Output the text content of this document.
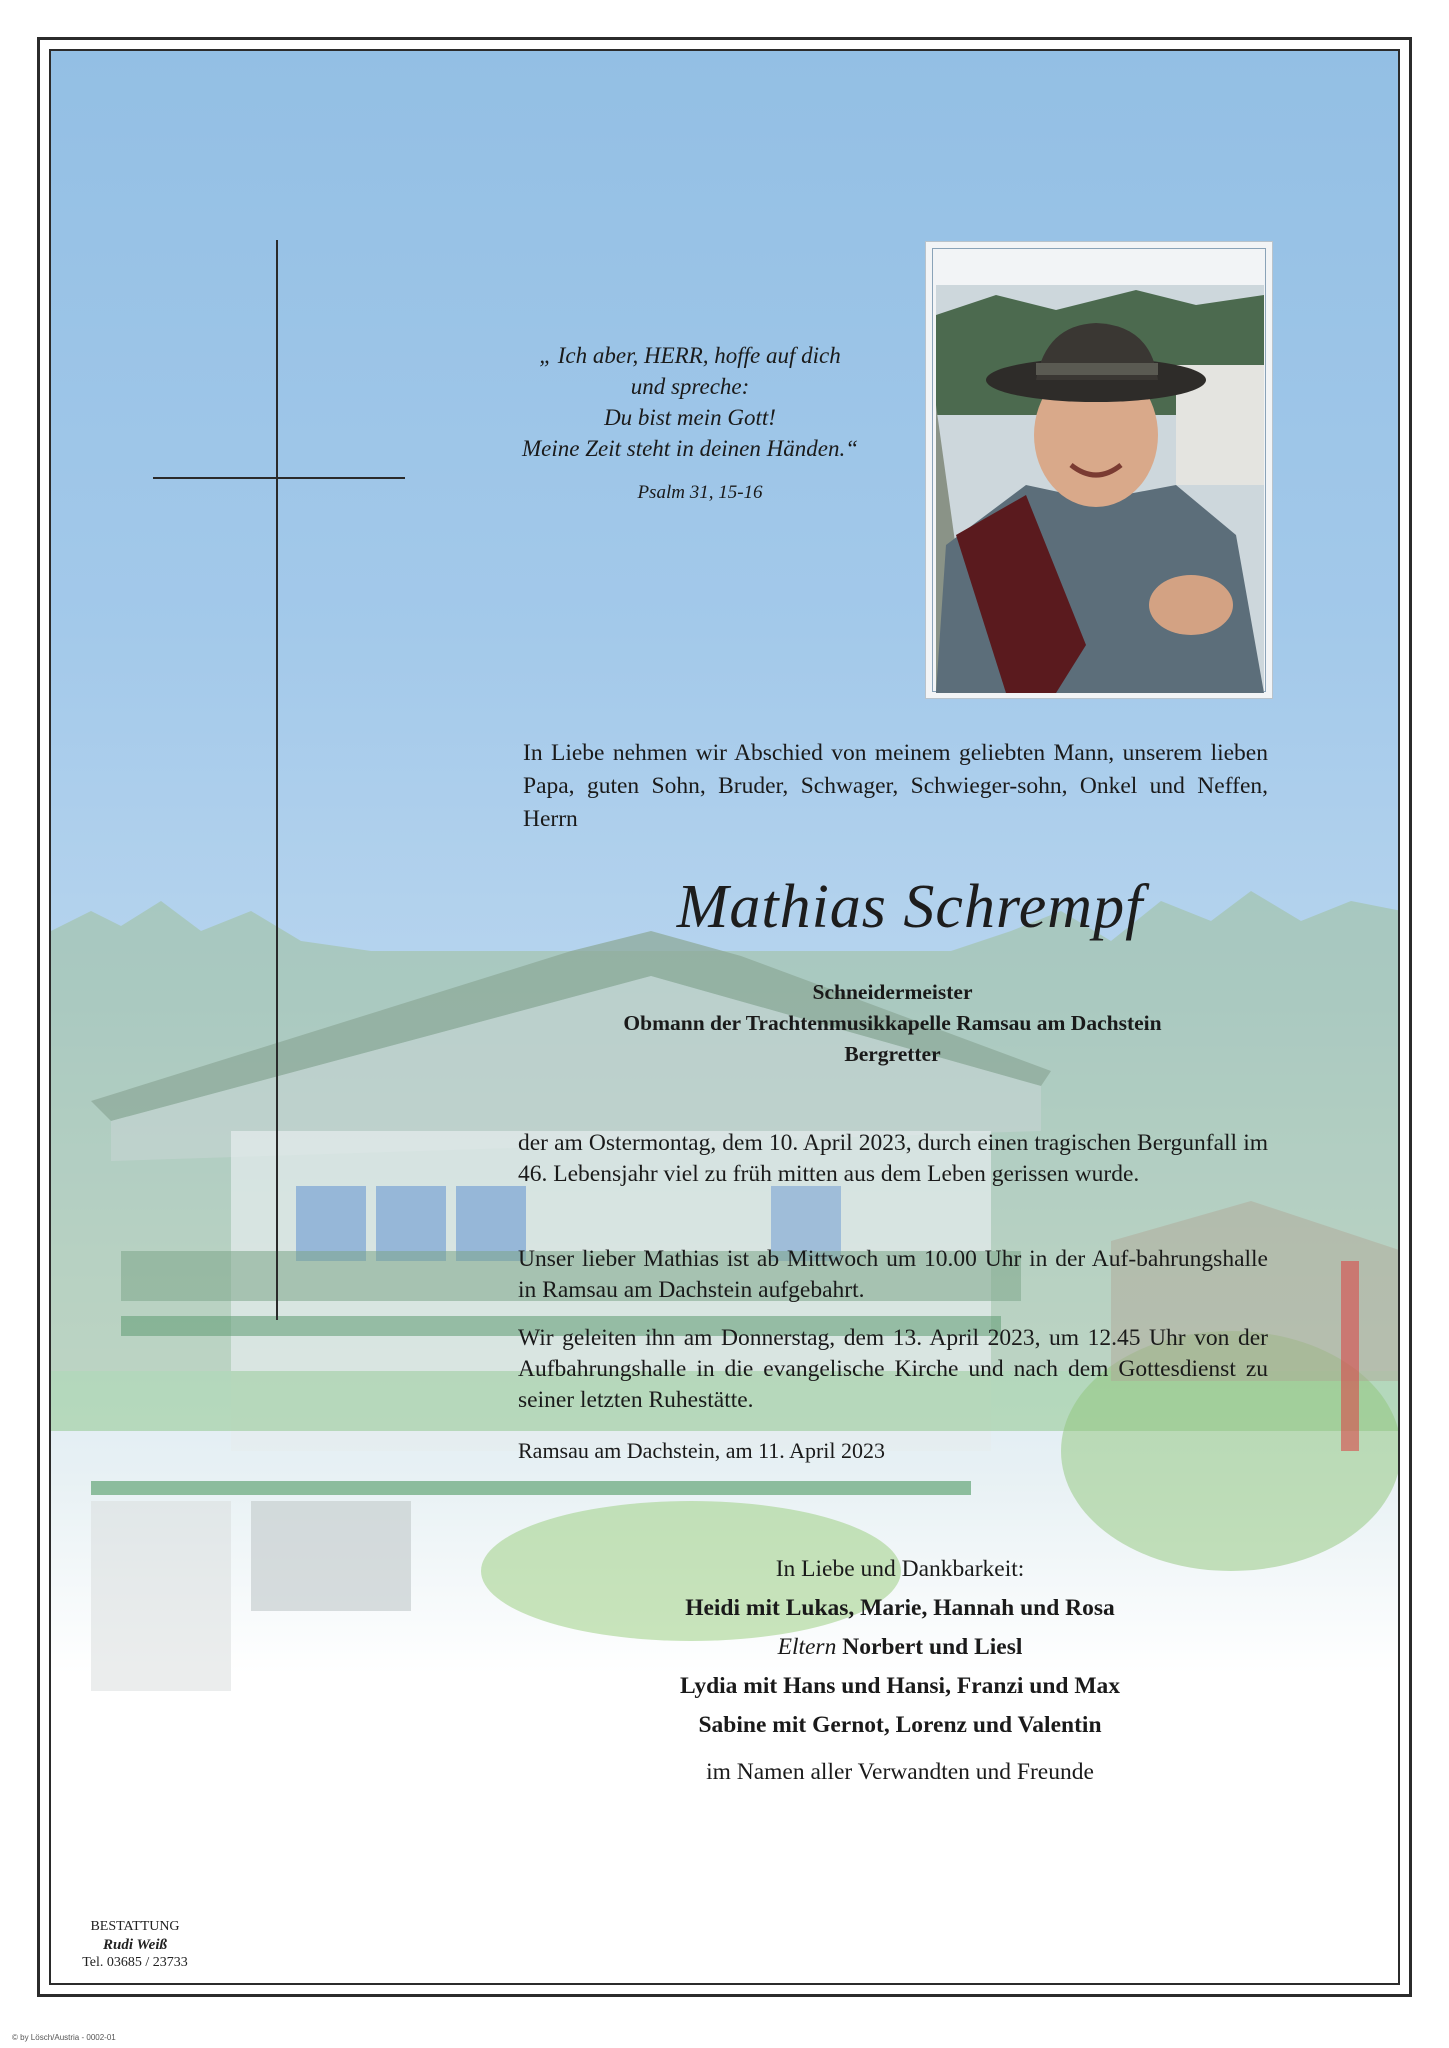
„ Ich aber, HERR, hoffe auf dich
und spreche:
Du bist mein Gott!
Meine Zeit steht in deinen Händen.“
Psalm 31, 15-16
In Liebe nehmen wir Abschied von meinem geliebten Mann, unserem lieben Papa, guten Sohn, Bruder, Schwager, Schwieger-sohn, Onkel und Neffen, Herrn
Mathias Schrempf
Schneidermeister
Obmann der Trachtenmusikkapelle Ramsau am Dachstein
Bergretter
der am Ostermontag, dem 10. April 2023, durch einen tragischen Bergunfall im 46. Lebensjahr viel zu früh mitten aus dem Leben gerissen wurde.
Unser lieber Mathias ist ab Mittwoch um 10.00 Uhr in der Auf-bahrungshalle in Ramsau am Dachstein aufgebahrt.
Wir geleiten ihn am Donnerstag, dem 13. April 2023, um 12.45 Uhr von der Aufbahrungshalle in die evangelische Kirche und nach dem Gottesdienst zu seiner letzten Ruhestätte.
Ramsau am Dachstein, am 11. April 2023
In Liebe und Dankbarkeit:
Heidi mit Lukas, Marie, Hannah und Rosa
Eltern Norbert und Liesl
Lydia mit Hans und Hansi, Franzi und Max
Sabine mit Gernot, Lorenz und Valentin
im Namen aller Verwandten und Freunde
BESTATTUNG
Rudi Weiß
Tel. 03685 / 23733
© by Lösch/Austria - 0002-01
